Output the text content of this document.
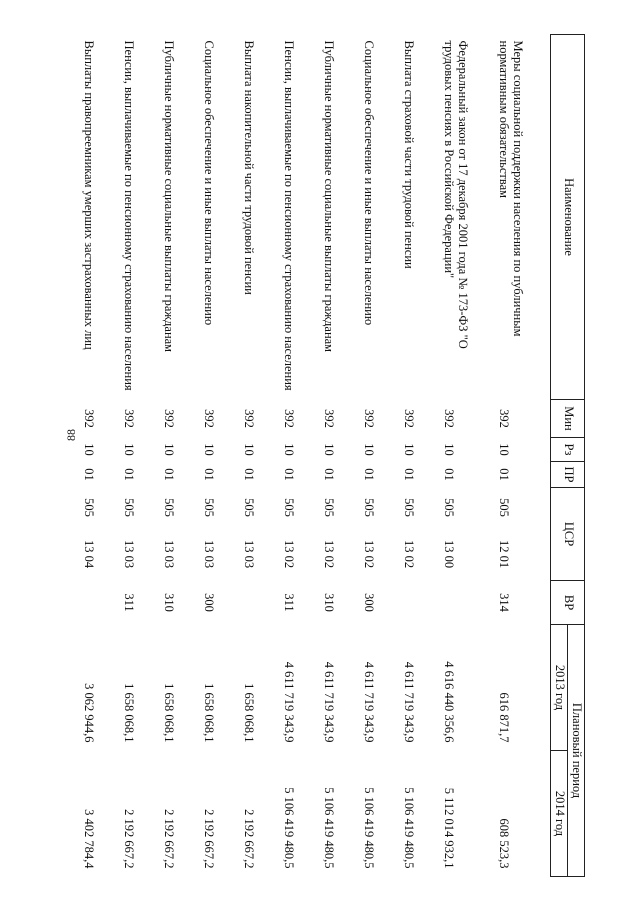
88
Наименование	Мин	Рз	ПР	ЦСР		ВР	Плановый период	
							2013 год	2014 год
Меры социальной поддержки населения по публичным нормативным обязательствам	392	10	01	505	12 01	314	616 871,7	608 523,3
Федеральный закон от 17 декабря 2001 года № 173-ФЗ "О трудовых пенсиях в Российской Федерации"	392	10	01	505	13 00		4 616 440 356,6	5 112 014 932,1
Выплата страховой части трудовой пенсии	392	10	01	505	13 02		4 611 719 343,9	5 106 419 480,5
Социальное обеспечение и иные выплаты населению	392	10	01	505	13 02	300	4 611 719 343,9	5 106 419 480,5
Публичные нормативные социальные выплаты гражданам	392	10	01	505	13 02	310	4 611 719 343,9	5 106 419 480,5
Пенсии, выплачиваемые по пенсионному страхованию населения	392	10	01	505	13 02	311	4 611 719 343,9	5 106 419 480,5
Выплата накопительной части трудовой пенсии	392	10	01	505	13 03		1 658 068,1	2 192 667,2
Социальное обеспечение и иные выплаты населению	392	10	01	505	13 03	300	1 658 068,1	2 192 667,2
Публичные нормативные социальные выплаты гражданам	392	10	01	505	13 03	310	1 658 068,1	2 192 667,2
Пенсии, выплачиваемые по пенсионному страхованию населения	392	10	01	505	13 03	311	1 658 068,1	2 192 667,2
Выплаты правопреемникам умерших застрахованных лиц	392	10	01	505	13 04		3 062 944,6	3 402 784,4
